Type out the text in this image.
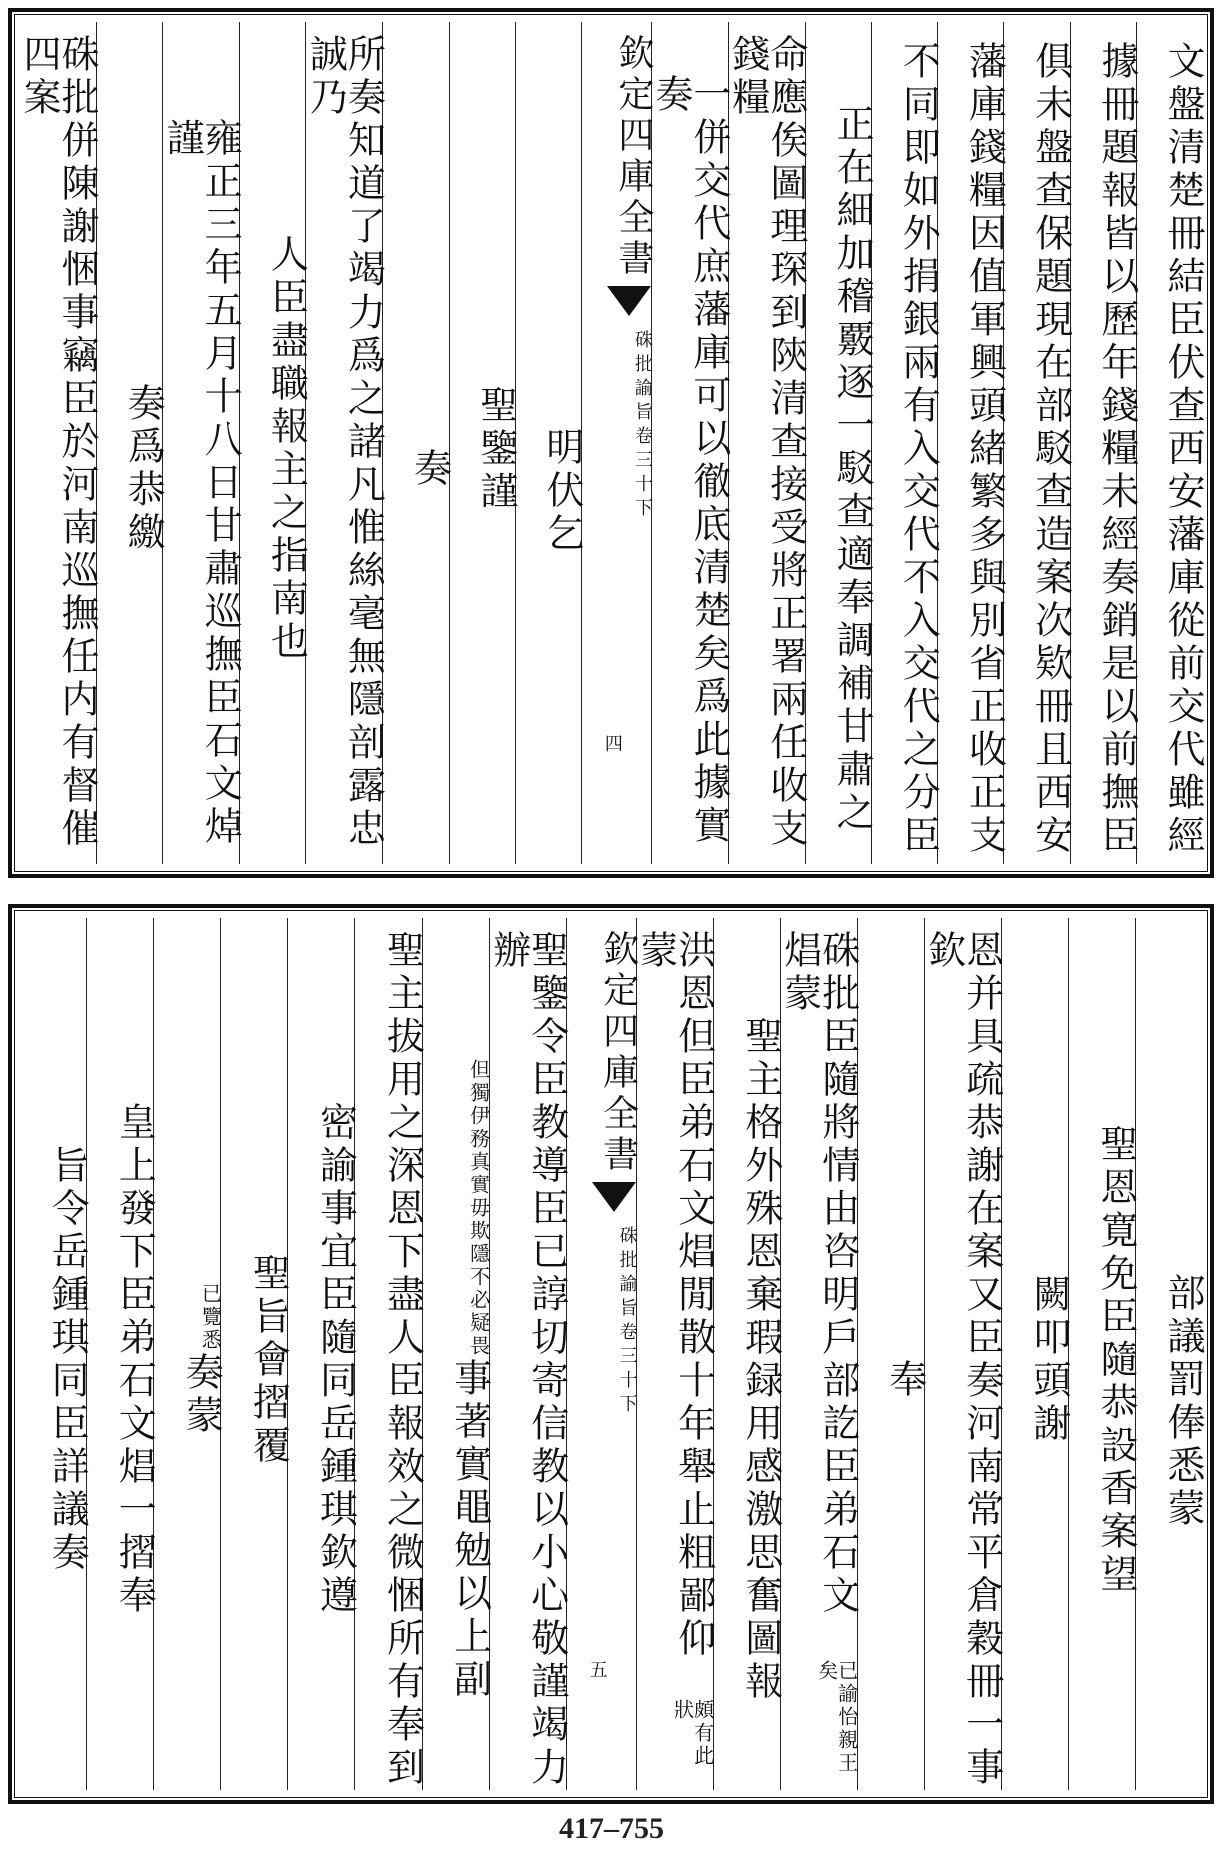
文盤清楚冊結臣伏查西安藩庫從前交代雖經
據冊題報皆以歷年錢糧未經奏銷是以前撫臣
俱未盤查保題現在部駁查造案次欵冊且西安
藩庫錢糧因值軍興頭緒繁多與別省正收正支
不同即如外捐銀兩有入交代不入交代之分臣
正在細加稽覈逐一駁查適奉調補甘肅之
命應俟圖理琛到陝清查接受將正署兩任收支錢糧
一併交代庶藩庫可以徹底清楚矣爲此據實奏
欽定四庫全書
硃批諭旨
卷三十下
四
明伏乞
聖鑒謹
奏
所奏知道了竭力爲之諸凡惟絲毫無隱剖露忠誠乃
人臣盡職報主之指南也
雍正三年五月十八日甘肅巡撫臣石文焯謹
奏爲恭繳
硃批併陳謝悃事竊臣於河南巡撫任内有督催四案
部議罰俸悉蒙
聖恩寛免臣隨恭設香案望
闕叩頭謝
恩并具疏恭謝在案又臣奏河南常平倉穀冊一事欽
奉
硃批臣隨將情由咨明戶部訖臣弟石文焻蒙
已諭怡親王矣
聖主格外殊恩棄瑕録用感激思奮圖報
洪恩但臣弟石文焻閒散十年舉止粗鄙仰蒙
頗有此狀
欽定四庫全書
硃批諭旨
卷三十下
五
聖鑒令臣教導臣已諄切寄信教以小心敬謹竭力辦
但獨伊務真實毋欺隱不必疑畏
事著實黽勉以上副
聖主拔用之深恩下盡人臣報效之微悃所有奉到
密諭事宜臣隨同岳鍾琪欽遵
聖旨會摺覆
已覽悉
奏蒙
皇上發下臣弟石文焻一摺奉
旨令岳鍾琪同臣詳議奏
417–755
